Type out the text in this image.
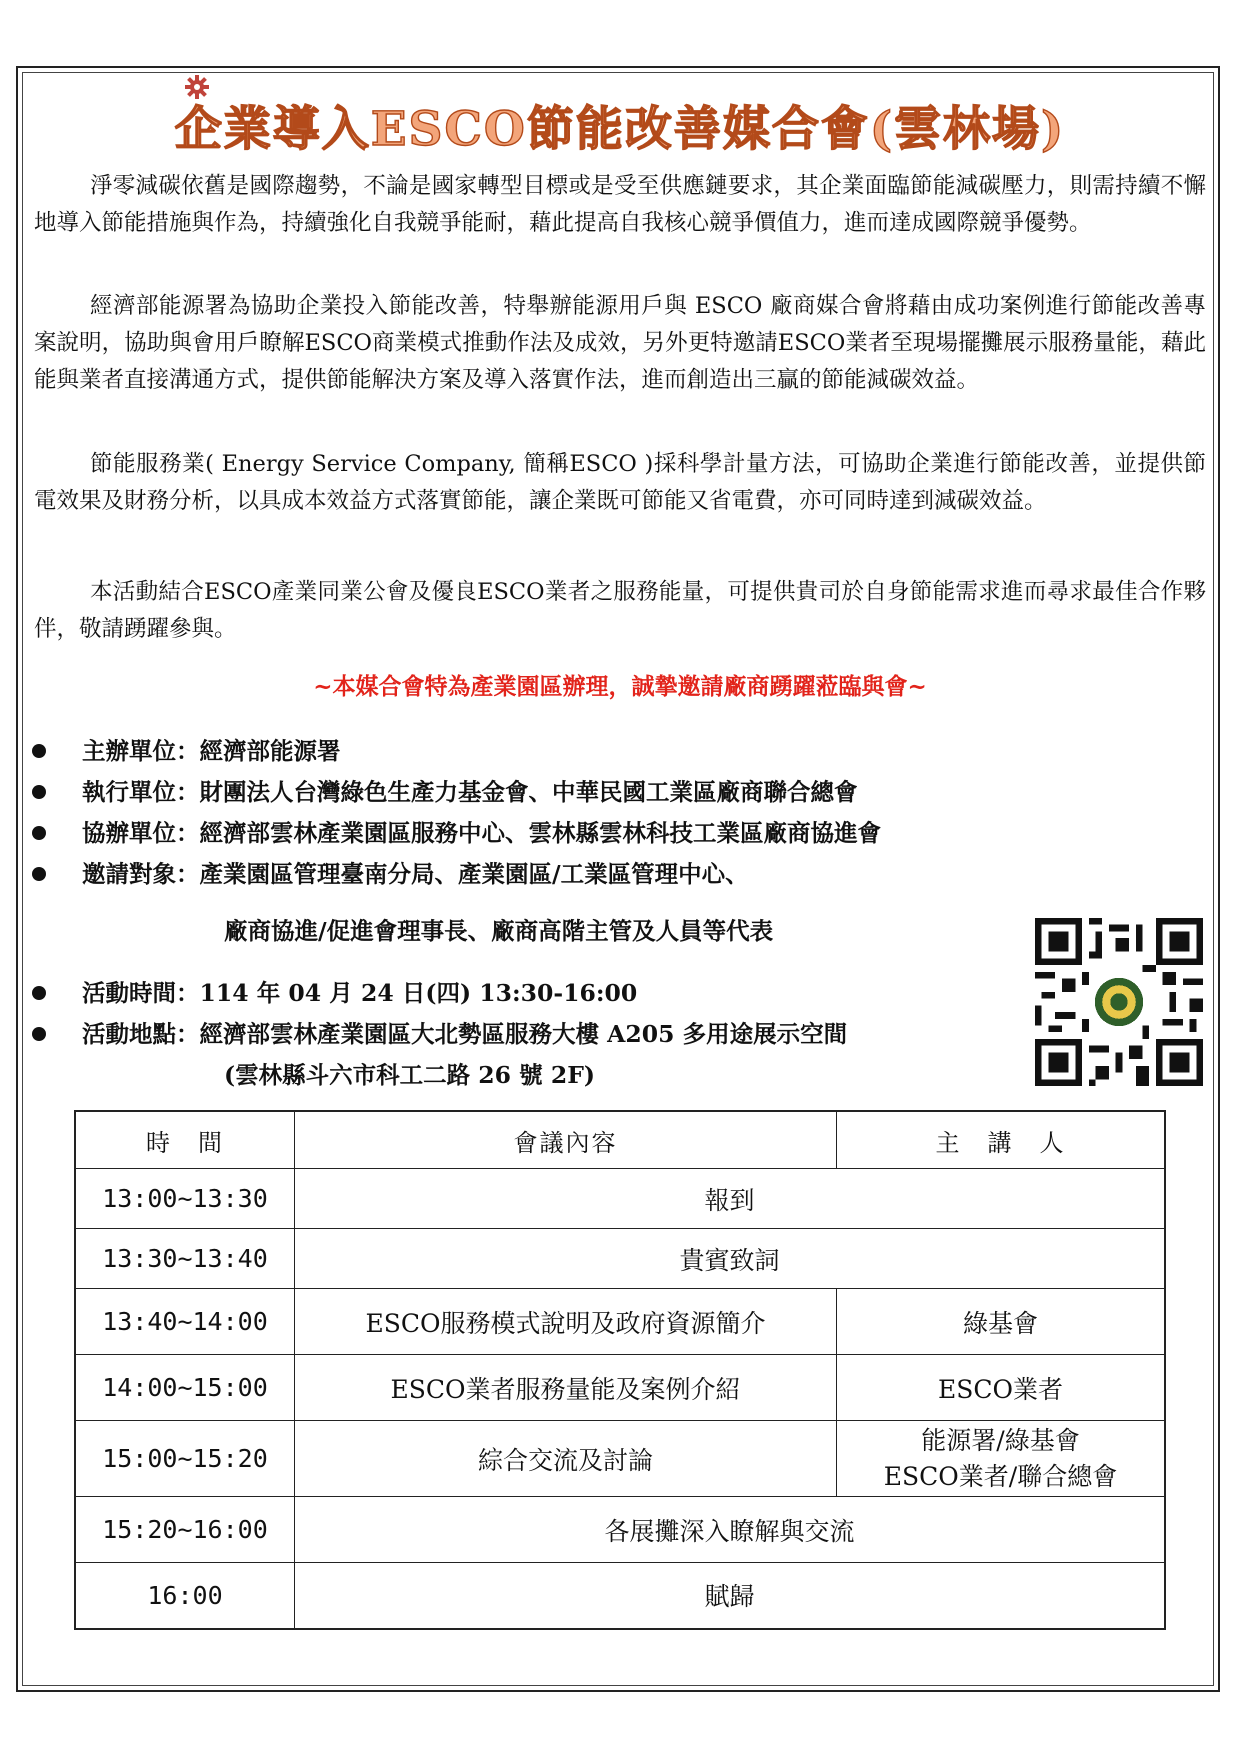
企業導入ESCO節能改善媒合會(雲林場)
淨零減碳依舊是國際趨勢，不論是國家轉型目標或是受至供應鏈要求，其企業面臨節能減碳壓力，則需持續不懈地導入節能措施與作為，持續強化自我競爭能耐，藉此提高自我核心競爭價值力，進而達成國際競爭優勢。
經濟部能源署為協助企業投入節能改善，特舉辦能源用戶與 ESCO 廠商媒合會將藉由成功案例進行節能改善專案說明，協助與會用戶瞭解ESCO商業模式推動作法及成效，另外更特邀請ESCO業者至現場擺攤展示服務量能，藉此能與業者直接溝通方式，提供節能解決方案及導入落實作法，進而創造出三贏的節能減碳效益。
節能服務業( Energy Service Company, 簡稱ESCO )採科學計量方法，可協助企業進行節能改善，並提供節電效果及財務分析，以具成本效益方式落實節能，讓企業既可節能又省電費，亦可同時達到減碳效益。
本活動結合ESCO產業同業公會及優良ESCO業者之服務能量，可提供貴司於自身節能需求進而尋求最佳合作夥伴，敬請踴躍參與。
~本媒合會特為產業園區辦理，誠摯邀請廠商踴躍蒞臨與會~
主辦單位：經濟部能源署
執行單位：財團法人台灣綠色生產力基金會、中華民國工業區廠商聯合總會
協辦單位：經濟部雲林產業園區服務中心、雲林縣雲林科技工業區廠商協進會
邀請對象：產業園區管理臺南分局、產業園區/工業區管理中心、
廠商協進/促進會理事長、廠商高階主管及人員等代表
活動時間：114 年 04 月 24 日(四) 13:30-16:00
活動地點：經濟部雲林產業園區大北勢區服務大樓 A205 多用途展示空間
(雲林縣斗六市科工二路 26 號 2F)
時　間	會議內容	主　講　人
13:00~13:30	報到	
13:30~13:40	貴賓致詞	
13:40~14:00	ESCO服務模式說明及政府資源簡介	綠基會
14:00~15:00	ESCO業者服務量能及案例介紹	ESCO業者
15:00~15:20	綜合交流及討論	能源署/綠基會
ESCO業者/聯合總會

15:20~16:00	各展攤深入瞭解與交流	
16:00	賦歸	
